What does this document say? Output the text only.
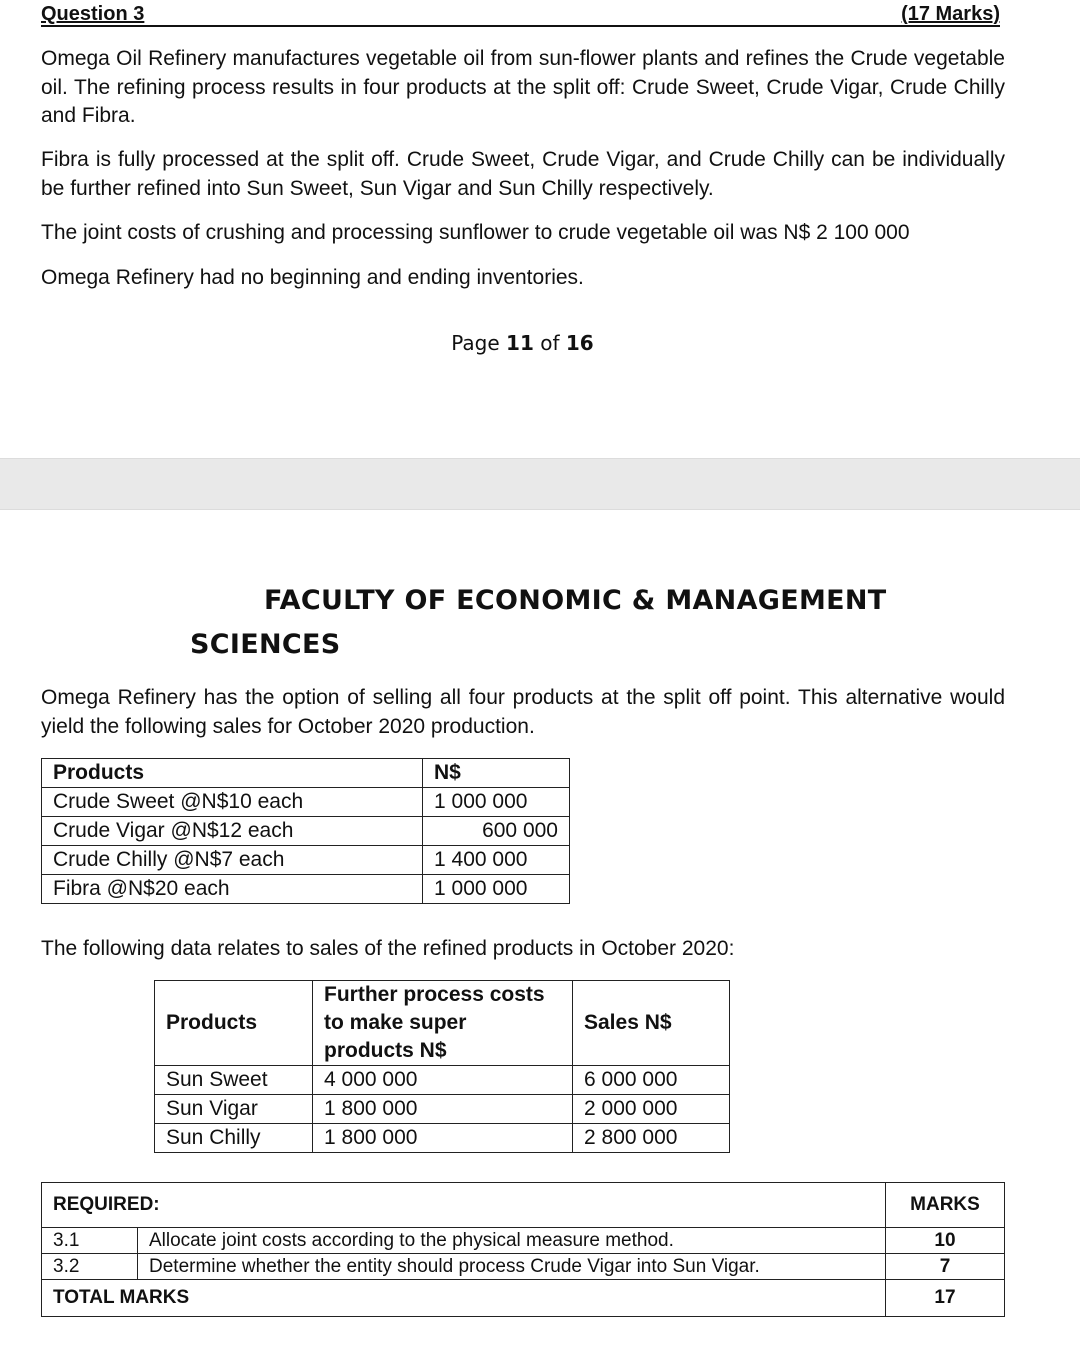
Question 3	(17 Marks)
Omega Oil Refinery manufactures vegetable oil from sun-flower plants and refines the Crude vegetable oil. The refining process results in four products at the split off: Crude Sweet, Crude Vigar, Crude Chilly and Fibra.
Fibra is fully processed at the split off. Crude Sweet, Crude Vigar, and Crude Chilly can be individually be further refined into Sun Sweet, Sun Vigar and Sun Chilly respectively.
The joint costs of crushing and processing sunflower to crude vegetable oil was N$ 2 100 000
Omega Refinery had no beginning and ending inventories.
Page 11 of 16
FACULTY OF ECONOMIC & MANAGEMENT
SCIENCES
Omega Refinery has the option of selling all four products at the split off point. This alternative would yield the following sales for October 2020 production.
Products	N$
Crude Sweet @N$10 each	1 000 000
Crude Vigar @N$12 each	600 000
Crude Chilly @N$7 each	1 400 000
Fibra @N$20 each	1 000 000
The following data relates to sales of the refined products in October 2020:
Products	Further process costs to make super products N$	Sales N$
Sun Sweet	4 000 000	6 000 000
Sun Vigar	1 800 000	2 000 000
Sun Chilly	1 800 000	2 800 000
REQUIRED:		MARKS
3.1	Allocate joint costs according to the physical measure method.	10
3.2	Determine whether the entity should process Crude Vigar into Sun Vigar.	7
TOTAL MARKS		17
